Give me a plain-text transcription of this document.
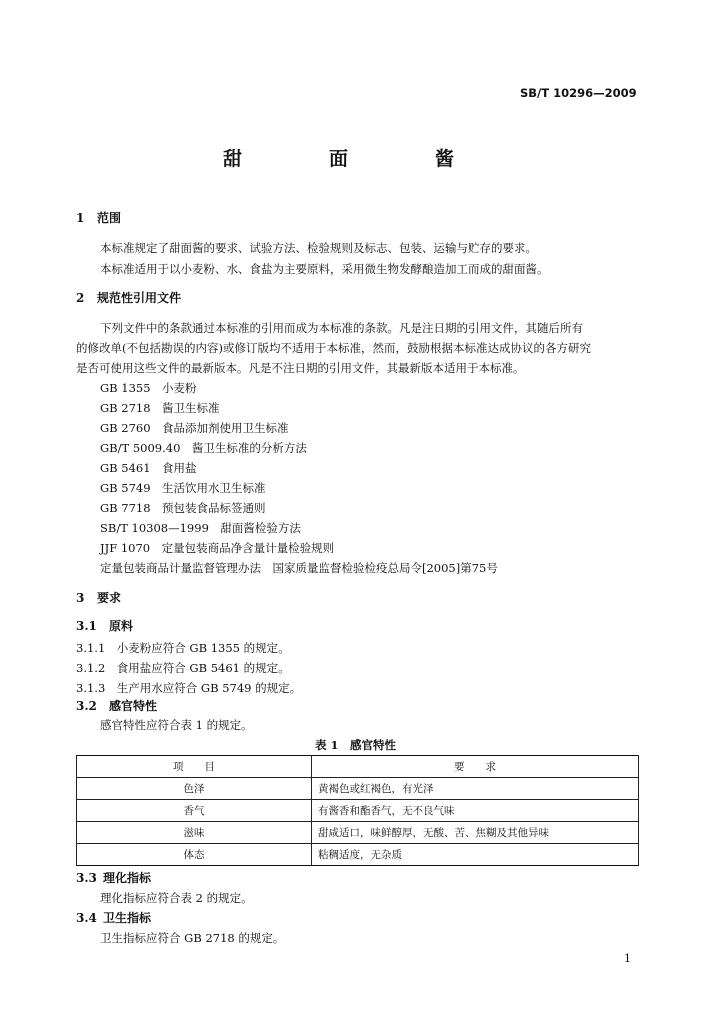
SB/T 10296—2009
甜　面　酱
1 范围
本标准规定了甜面酱的要求、试验方法、检验规则及标志、包装、运输与贮存的要求。
本标准适用于以小麦粉、水、食盐为主要原料，采用微生物发酵酿造加工而成的甜面酱。
2 规范性引用文件
下列文件中的条款通过本标准的引用而成为本标准的条款。凡是注日期的引用文件，其随后所有
的修改单(不包括勘误的内容)或修订版均不适用于本标准，然而，鼓励根据本标准达成协议的各方研究
是否可使用这些文件的最新版本。凡是不注日期的引用文件，其最新版本适用于本标准。
GB 1355　小麦粉
GB 2718　酱卫生标准
GB 2760　食品添加剂使用卫生标准
GB/T 5009.40　酱卫生标准的分析方法
GB 5461　食用盐
GB 5749　生活饮用水卫生标准
GB 7718　预包装食品标签通则
SB/T 10308—1999　甜面酱检验方法
JJF 1070　定量包装商品净含量计量检验规则
定量包装商品计量监督管理办法　国家质量监督检验检疫总局令[2005]第75号
3 要求
3.1 原料
3.1.1　小麦粉应符合 GB 1355 的规定。
3.1.2　食用盐应符合 GB 5461 的规定。
3.1.3　生产用水应符合 GB 5749 的规定。
3.2 感官特性
感官特性应符合表 1 的规定。
表 1　感官特性
项　　目	要　　求
色泽	黄褐色或红褐色，有光泽
香气	有酱香和酯香气，无不良气味
滋味	甜咸适口，味鲜醇厚，无酸、苦、焦糊及其他异味
体态	粘稠适度，无杂质
3.3 理化指标
理化指标应符合表 2 的规定。
3.4 卫生指标
卫生指标应符合 GB 2718 的规定。
1
